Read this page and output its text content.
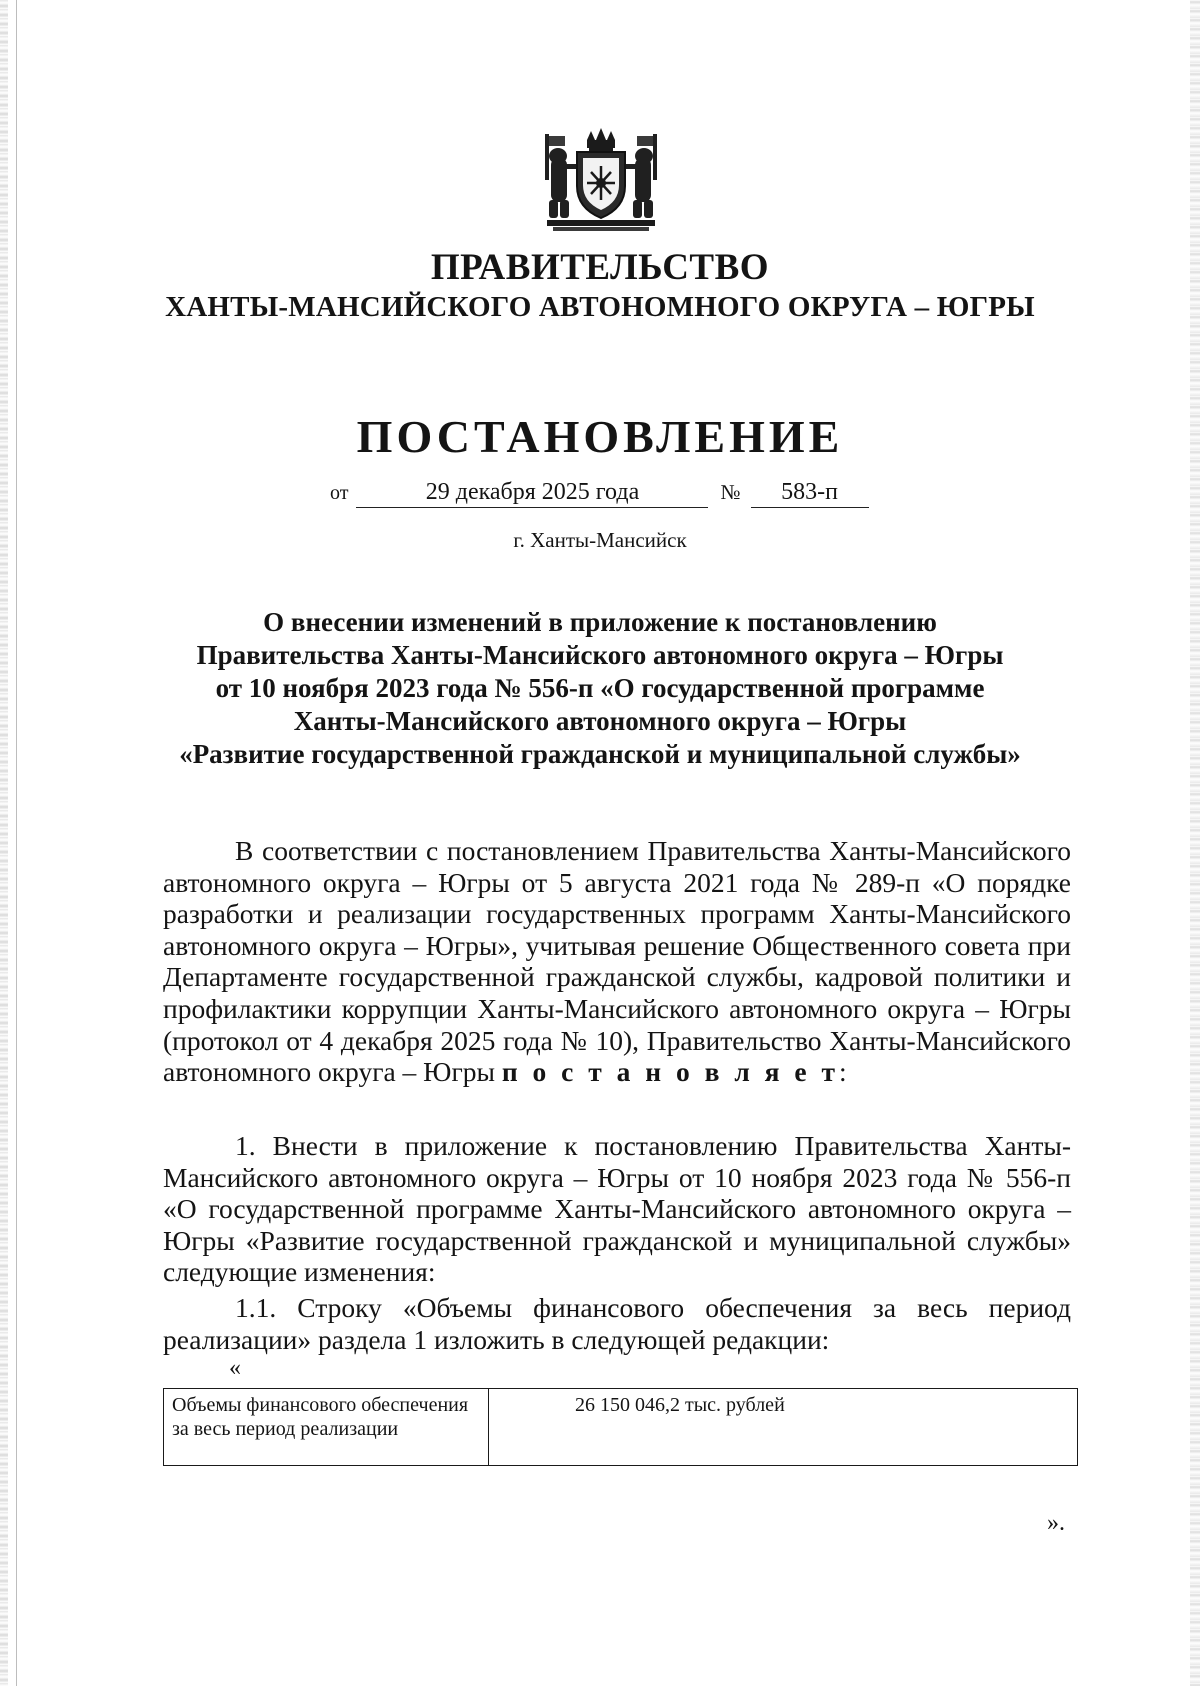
ПРАВИТЕЛЬСТВО
ХАНТЫ-МАНСИЙСКОГО АВТОНОМНОГО ОКРУГА – ЮГРЫ
ПОСТАНОВЛЕНИЕ
от	29 декабря 2025 года	№ 583-п
г. Ханты-Мансийск
О внесении изменений в приложение к постановлению
Правительства Ханты-Мансийского автономного округа – Югры
от 10 ноября 2023 года № 556-п «О государственной программе
Ханты-Мансийского автономного округа – Югры
«Развитие государственной гражданской и муниципальной службы»

В соответствии с постановлением Правительства Ханты-Мансийского автономного округа – Югры от 5 августа 2021 года № 289-п «О порядке разработки и реализации государственных программ Ханты-Мансийского автономного округа – Югры», учитывая решение Общественного совета при Департаменте государственной гражданской службы, кадровой политики и профилактики коррупции Ханты-Мансийского автономного округа – Югры (протокол от 4 декабря 2025 года № 10), Правительство Ханты-Мансийского автономного округа – Югры п о с т а н о в л я е т:

1. Внести в приложение к постановлению Правительства Ханты-Мансийского автономного округа – Югры от 10 ноября 2023 года № 556-п «О государственной программе Ханты-Мансийского автономного округа – Югры «Развитие государственной гражданской и муниципальной службы» следующие изменения:

1.1. Строку «Объемы финансового обеспечения за весь период реализации» раздела 1 изложить в следующей редакции:

«
Объемы финансового обеспечения за весь период реализации	26 150 046,2 тыс. рублей
».
